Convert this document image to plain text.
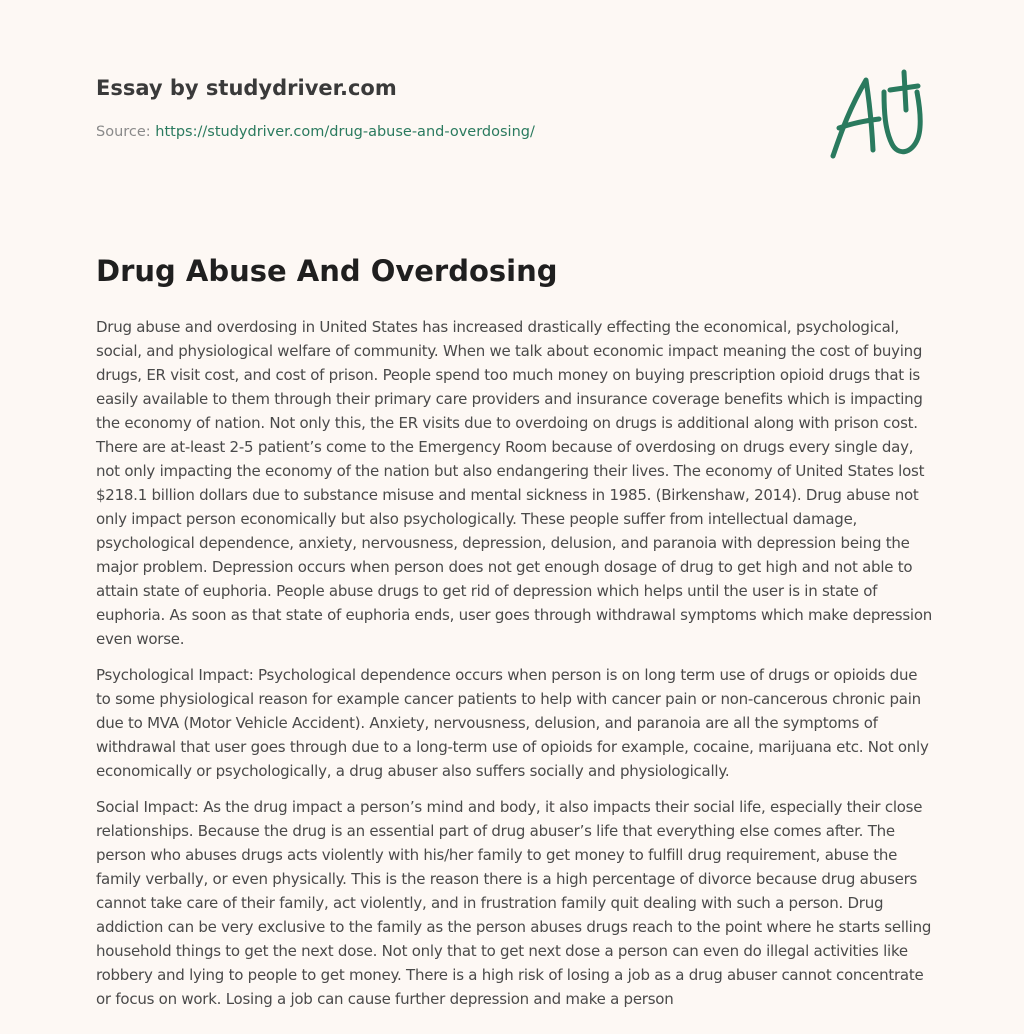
Essay by studydriver.com
Source: https://studydriver.com/drug-abuse-and-overdosing/
Drug Abuse And Overdosing

Drug abuse and overdosing in United States has increased drastically effecting the economical, psychological, social, and physiological welfare of community. When we talk about economic impact meaning the cost of buying drugs, ER visit cost, and cost of prison. People spend too much money on buying prescription opioid drugs that is easily available to them through their primary care providers and insurance coverage benefits which is impacting the economy of nation. Not only this, the ER visits due to overdoing on drugs is additional along with prison cost. There are at-least 2-5 patient’s come to the Emergency Room because of overdosing on drugs every single day, not only impacting the economy of the nation but also endangering their lives. The economy of United States lost $218.1 billion dollars due to substance misuse and mental sickness in 1985. (Birkenshaw, 2014). Drug abuse not only impact person economically but also psychologically. These people suffer from intellectual damage, psychological dependence, anxiety, nervousness, depression, delusion, and paranoia with depression being the major problem. Depression occurs when person does not get enough dosage of drug to get high and not able to attain state of euphoria. People abuse drugs to get rid of depression which helps until the user is in state of euphoria. As soon as that state of euphoria ends, user goes through withdrawal symptoms which make depression even worse.

Psychological Impact: Psychological dependence occurs when person is on long term use of drugs or opioids due to some physiological reason for example cancer patients to help with cancer pain or non-cancerous chronic pain due to MVA (Motor Vehicle Accident). Anxiety, nervousness, delusion, and paranoia are all the symptoms of withdrawal that user goes through due to a long-term use of opioids for example, cocaine, marijuana etc. Not only economically or psychologically, a drug abuser also suffers socially and physiologically.

Social Impact: As the drug impact a person’s mind and body, it also impacts their social life, especially their close relationships. Because the drug is an essential part of drug abuser’s life that everything else comes after. The person who abuses drugs acts violently with his/her family to get money to fulfill drug requirement, abuse the family verbally, or even physically. This is the reason there is a high percentage of divorce because drug abusers cannot take care of their family, act violently, and in frustration family quit dealing with such a person. Drug addiction can be very exclusive to the family as the person abuses drugs reach to the point where he starts selling household things to get the next dose. Not only that to get next dose a person can even do illegal activities like robbery and lying to people to get money. There is a high risk of losing a job as a drug abuser cannot concentrate or focus on work. Losing a job can cause further depression and make a person
